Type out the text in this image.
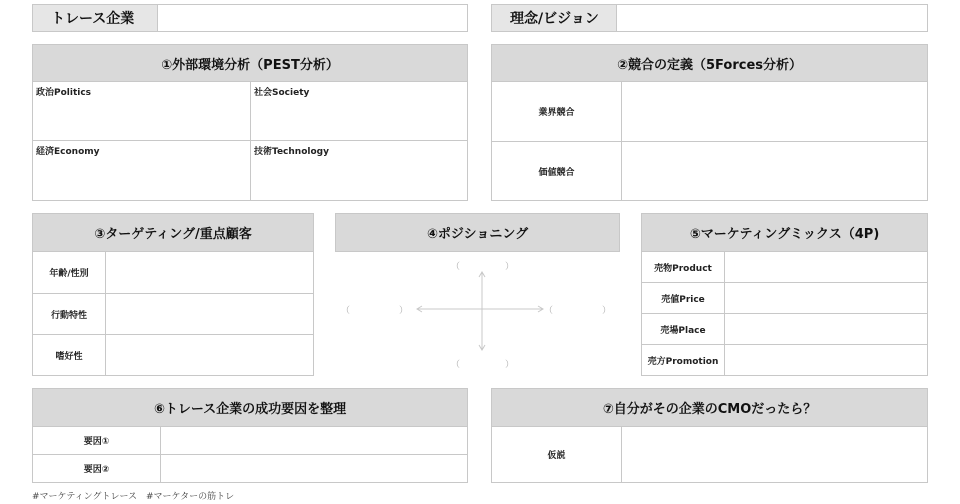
トレース企業	理念/ビジョン
①外部環境分析（PEST分析）
政治Politics	社会Society
経済Economy	技術Technology
②競合の定義（5Forces分析）
業界競合
価値競合
③ターゲティング/重点顧客
年齢/性別
行動特性
嗜好性
④ポジショニング
（	）
（	）	（	）
（	）
⑤マーケティングミックス（4P)
売物Product
売値Price
売場Place
売方Promotion
⑥トレース企業の成功要因を整理
要因①
要因②
⑦自分がその企業のCMOだったら？
仮説
#マーケティングトレース　#マーケターの筋トレ
